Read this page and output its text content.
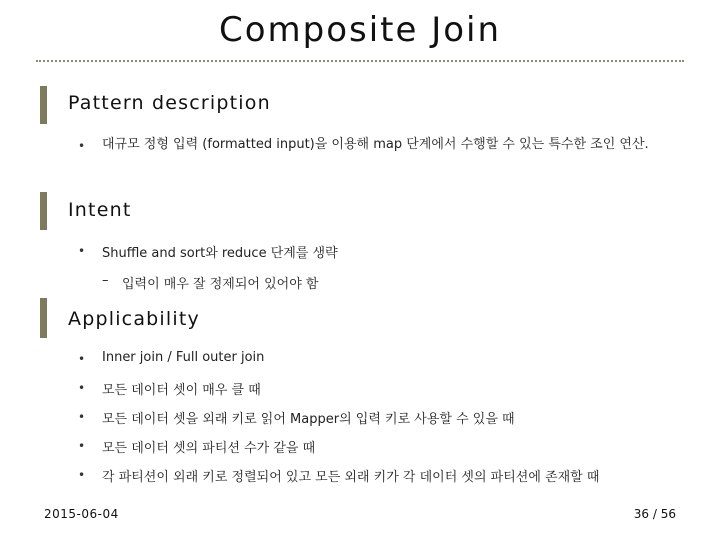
Composite Join
Pattern description
• 대규모 정형 입력 (formatted input)을 이용해 map 단계에서 수행할 수 있는 특수한 조인 연산.
Intent
• Shuffle and sort와 reduce 단계를 생략
– 입력이 매우 잘 정제되어 있어야 함
Applicability
• Inner join / Full outer join
• 모든 데이터 셋이 매우 클 때
• 모든 데이터 셋을 외래 키로 읽어 Mapper의 입력 키로 사용할 수 있을 때
• 모든 데이터 셋의 파티션 수가 같을 때
• 각 파티션이 외래 키로 정렬되어 있고 모든 외래 키가 각 데이터 셋의 파티션에 존재할 때
2015-06-04	36 / 56
